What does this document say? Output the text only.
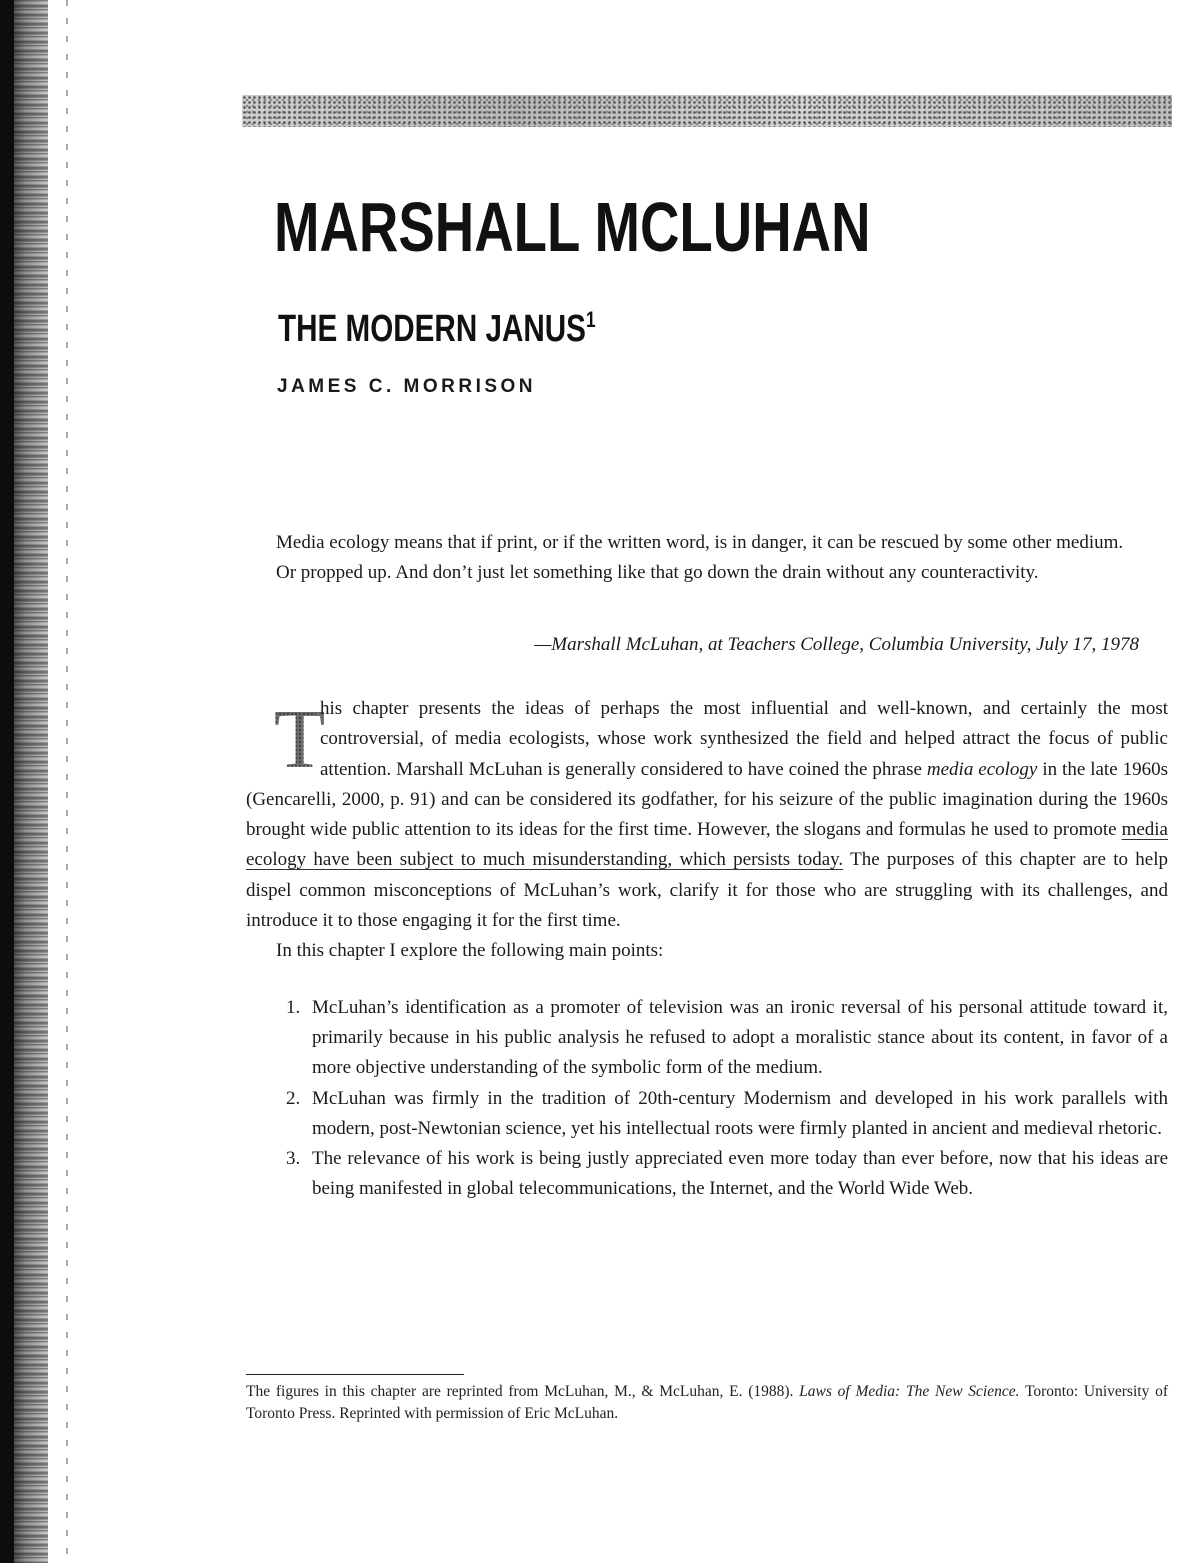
MARSHALL MCLUHAN
THE MODERN JANUS$^1$
JAMES C. MORRISON

Media ecology means that if print, or if the written word, is in danger, it can be rescued by some other medium. Or propped up. And don’t just let something like that go down the drain without any counteractivity.

—Marshall McLuhan, at Teachers College, Columbia University, July 17, 1978

T
his chapter presents the ideas of perhaps the most influential and well-known, and certainly the most controversial, of media ecologists, whose work synthesized the field and helped attract the focus of public attention. Marshall McLuhan is generally considered to have coined the phrase media ecology in the late 1960s (Gencarelli, 2000, p. 91) and can be considered its godfather, for his seizure of the public imagination during the 1960s brought wide public attention to its ideas for the first time. However, the slogans and formulas he used to promote media ecology have been subject to much misunderstanding, which persists today. The purposes of this chapter are to help dispel common misconceptions of McLuhan’s work, clarify it for those who are struggling with its challenges, and introduce it to those engaging it for the first time.

In this chapter I explore the following main points:

1. McLuhan’s identification as a promoter of television was an ironic reversal of his personal attitude toward it, primarily because in his public analysis he refused to adopt a moralistic stance about its content, in favor of a more objective understanding of the symbolic form of the medium.
2. McLuhan was firmly in the tradition of 20th-century Modernism and developed in his work parallels with modern, post-Newtonian science, yet his intellectual roots were firmly planted in ancient and medieval rhetoric.
3. The relevance of his work is being justly appreciated even more today than ever before, now that his ideas are being manifested in global telecommunications, the Internet, and the World Wide Web.

The figures in this chapter are reprinted from McLuhan, M., & McLuhan, E. (1988). Laws of Media: The New Science. Toronto: University of Toronto Press. Reprinted with permission of Eric McLuhan.
